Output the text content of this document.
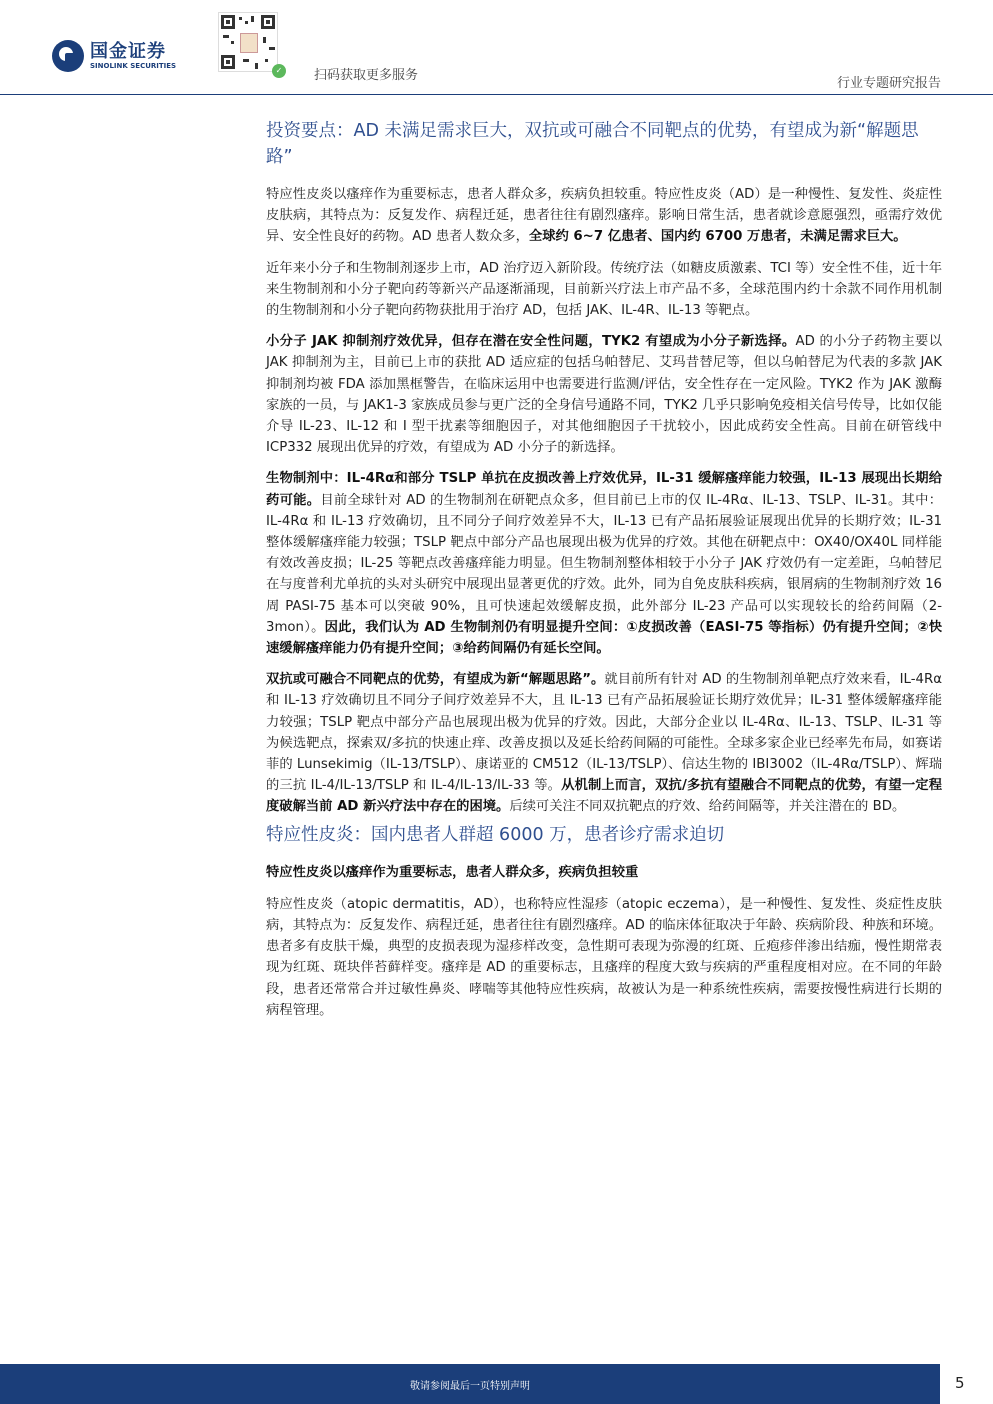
国金证券
SINOLINK SECURITIES
✓ 扫码获取更多服务
行业专题研究报告
投资要点：AD 未满足需求巨大，双抗或可融合不同靶点的优势，有望成为新“解题思路”

特应性皮炎以瘙痒作为重要标志，患者人群众多，疾病负担较重。特应性皮炎（AD）是一种慢性、复发性、炎症性皮肤病，其特点为：反复发作、病程迁延，患者往往有剧烈瘙痒。影响日常生活，患者就诊意愿强烈，亟需疗效优异、安全性良好的药物。AD 患者人数众多，全球约 6~7 亿患者、国内约 6700 万患者，未满足需求巨大。

近年来小分子和生物制剂逐步上市，AD 治疗迈入新阶段。传统疗法（如糖皮质激素、TCI 等）安全性不佳，近十年来生物制剂和小分子靶向药等新兴产品逐渐涌现，目前新兴疗法上市产品不多，全球范围内约十余款不同作用机制的生物制剂和小分子靶向药物获批用于治疗 AD，包括 JAK、IL-4R、IL-13 等靶点。

小分子 JAK 抑制剂疗效优异，但存在潜在安全性问题，TYK2 有望成为小分子新选择。AD 的小分子药物主要以 JAK 抑制剂为主，目前已上市的获批 AD 适应症的包括乌帕替尼、艾玛昔替尼等，但以乌帕替尼为代表的多款 JAK 抑制剂均被 FDA 添加黑框警告，在临床运用中也需要进行监测/评估，安全性存在一定风险。TYK2 作为 JAK 激酶家族的一员，与 JAK1-3 家族成员参与更广泛的全身信号通路不同，TYK2 几乎只影响免疫相关信号传导，比如仅能介导 IL-23、IL-12 和 I 型干扰素等细胞因子，对其他细胞因子干扰较小，因此成药安全性高。目前在研管线中 ICP332 展现出优异的疗效，有望成为 AD 小分子的新选择。

生物制剂中：IL-4Rα和部分 TSLP 单抗在皮损改善上疗效优异，IL-31 缓解瘙痒能力较强，IL-13 展现出长期给药可能。目前全球针对 AD 的生物制剂在研靶点众多，但目前已上市的仅 IL-4Rα、IL-13、TSLP、IL-31。其中：IL-4Rα 和 IL-13 疗效确切，且不同分子间疗效差异不大，IL-13 已有产品拓展验证展现出优异的长期疗效；IL-31 整体缓解瘙痒能力较强；TSLP 靶点中部分产品也展现出极为优异的疗效。其他在研靶点中：OX40/OX40L 同样能有效改善皮损；IL-25 等靶点改善瘙痒能力明显。但生物制剂整体相较于小分子 JAK 疗效仍有一定差距，乌帕替尼在与度普利尤单抗的头对头研究中展现出显著更优的疗效。此外，同为自免皮肤科疾病，银屑病的生物制剂疗效 16 周 PASI-75 基本可以突破 90%，且可快速起效缓解皮损，此外部分 IL-23 产品可以实现较长的给药间隔（2-3mon）。因此，我们认为 AD 生物制剂仍有明显提升空间：①皮损改善（EASI-75 等指标）仍有提升空间；②快速缓解瘙痒能力仍有提升空间；③给药间隔仍有延长空间。

双抗或可融合不同靶点的优势，有望成为新“解题思路”。就目前所有针对 AD 的生物制剂单靶点疗效来看，IL-4Rα 和 IL-13 疗效确切且不同分子间疗效差异不大，且 IL-13 已有产品拓展验证长期疗效优异；IL-31 整体缓解瘙痒能力较强；TSLP 靶点中部分产品也展现出极为优异的疗效。因此，大部分企业以 IL-4Rα、IL-13、TSLP、IL-31 等为候选靶点，探索双/多抗的快速止痒、改善皮损以及延长给药间隔的可能性。全球多家企业已经率先布局，如赛诺菲的 Lunsekimig（IL-13/TSLP）、康诺亚的 CM512（IL-13/TSLP）、信达生物的 IBI3002（IL-4Rα/TSLP）、辉瑞的三抗 IL-4/IL-13/TSLP 和 IL-4/IL-13/IL-33 等。从机制上而言，双抗/多抗有望融合不同靶点的优势，有望一定程度破解当前 AD 新兴疗法中存在的困境。后续可关注不同双抗靶点的疗效、给药间隔等，并关注潜在的 BD。

特应性皮炎：国内患者人群超 6000 万，患者诊疗需求迫切
特应性皮炎以瘙痒作为重要标志，患者人群众多，疾病负担较重

特应性皮炎（atopic dermatitis，AD），也称特应性湿疹（atopic eczema），是一种慢性、复发性、炎症性皮肤病，其特点为：反复发作、病程迁延，患者往往有剧烈瘙痒。AD 的临床体征取决于年龄、疾病阶段、种族和环境。患者多有皮肤干燥，典型的皮损表现为湿疹样改变，急性期可表现为弥漫的红斑、丘疱疹伴渗出结痂，慢性期常表现为红斑、斑块伴苔藓样变。瘙痒是 AD 的重要标志，且瘙痒的程度大致与疾病的严重程度相对应。在不同的年龄段，患者还常常合并过敏性鼻炎、哮喘等其他特应性疾病，故被认为是一种系统性疾病，需要按慢性病进行长期的病程管理。

敬请参阅最后一页特别声明	5
